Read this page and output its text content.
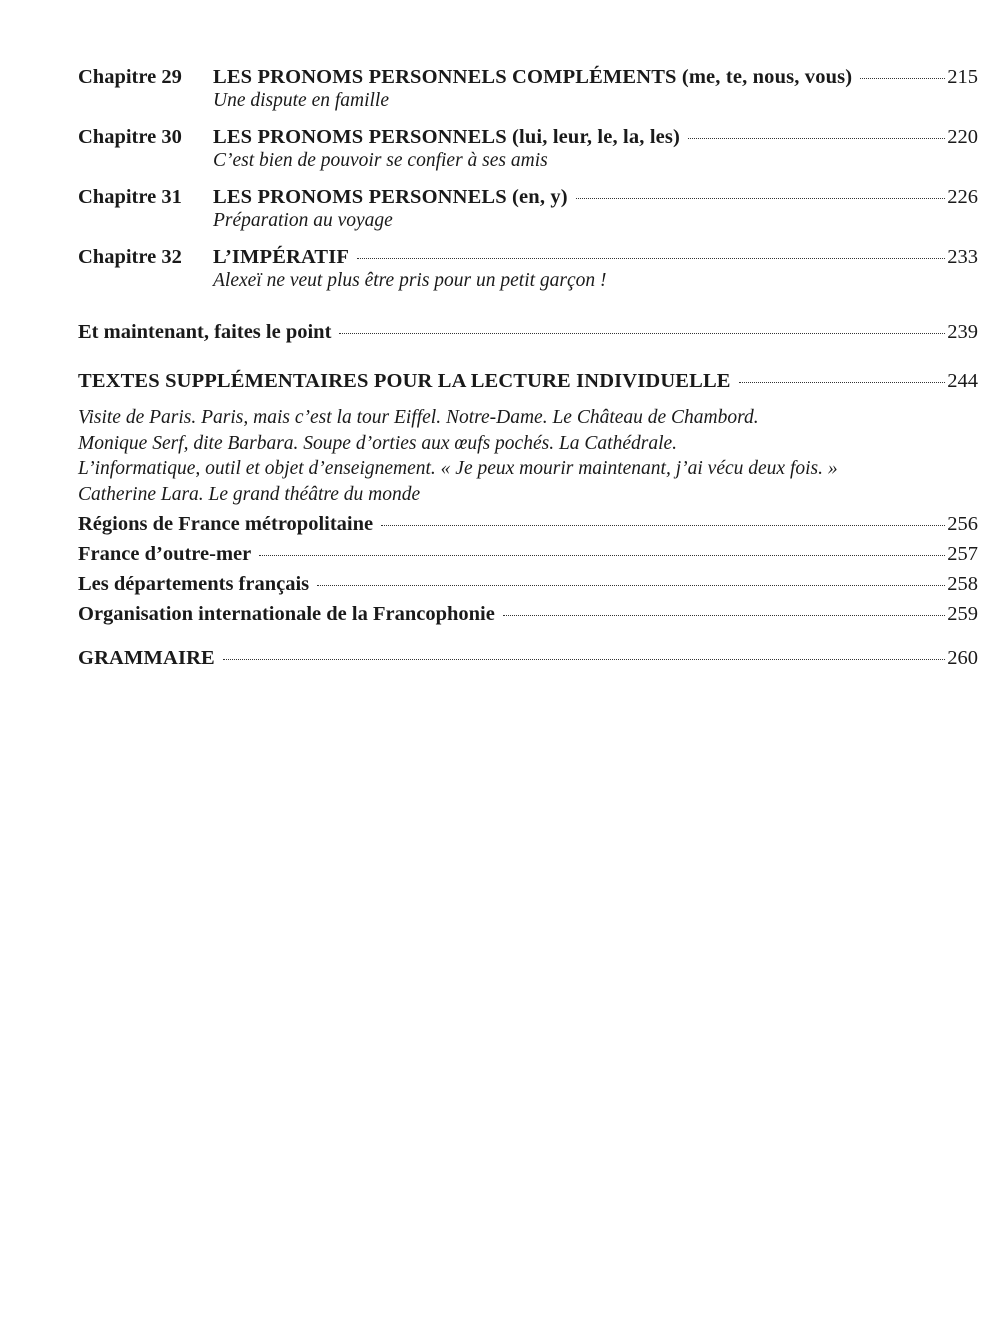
Chapitre 29	LES PRONOMS PERSONNELS COMPLÉMENTS (me, te, nous, vous)	215
Une dispute en famille
Chapitre 30	LES PRONOMS PERSONNELS (lui, leur, le, la, les)	220
C’est bien de pouvoir se confier à ses amis
Chapitre 31	LES PRONOMS PERSONNELS (en, y)	226
Préparation au voyage
Chapitre 32	L’IMPÉRATIF	233
Alexeï ne veut plus être pris pour un petit garçon !
Et maintenant, faites le point	239
TEXTES SUPPLÉMENTAIRES POUR LA LECTURE INDIVIDUELLE	244
Visite de Paris. Paris, mais c’est la tour Eiffel. Notre-Dame. Le Château de Chambord.
Monique Serf, dite Barbara. Soupe d’orties aux œufs pochés. La Cathédrale.
L’informatique, outil et objet d’enseignement. « Je peux mourir maintenant, j’ai vécu deux fois. »
Catherine Lara. Le grand théâtre du monde
Régions de France métropolitaine	256
France d’outre-mer	257
Les départements français	258
Organisation internationale de la Francophonie	259
GRAMMAIRE	260
